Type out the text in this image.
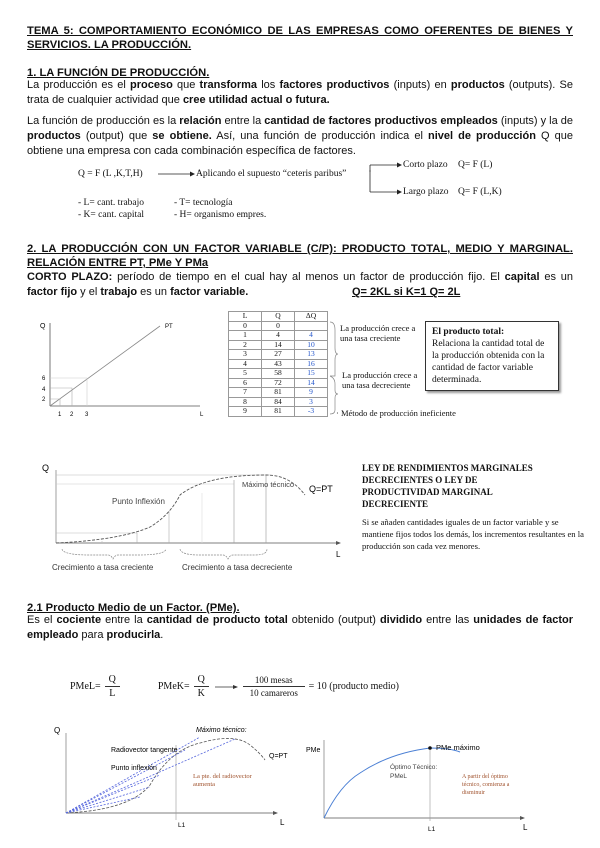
TEMA 5: COMPORTAMIENTO ECONÓMICO DE LAS EMPRESAS COMO OFERENTES DE BIENES Y SERVICIOS. LA PRODUCCIÓN.
1. LA FUNCIÓN DE PRODUCCIÓN.
La producción es el proceso que transforma los factores productivos (inputs) en productos (outputs). Se trata de cualquier actividad que cree utilidad actual o futura.
La función de producción es la relación entre la cantidad de factores productivos empleados (inputs) y la de productos (output) que se obtiene. Así, una función de producción indica el nivel de producción Q que obtiene una empresa con cada combinación específica de factores.
Q = F (L ,K,T,H)	Aplicando el supuesto “ceteris paribus”
Corto plazo Q= F (L)
Largo plazo Q= F (L,K)
- L= cant. trabajo
- K= cant. capital
- T= tecnología
- H= organismo empres.
2. LA PRODUCCIÓN CON UN FACTOR VARIABLE (C/P): PRODUCTO TOTAL, MEDIO Y MARGINAL. RELACIÓN ENTRE PT, PMe Y PMa
CORTO PLAZO: período de tiempo en el cual hay al menos un factor de producción fijo. El capital es un factor fijo y el trabajo es un factor variable.	Q= 2KL si K=1 Q= 2L
Q
L
PT
2
4
6
1 2 3
L	Q	ΔQ
0	0	
1	4	4
2	14	10
3	27	13
4	43	16
5	58	15
6	72	14
7	81	9
8	84	3
9	81	-3
La producción crece a una tasa creciente
La producción crece a una tasa decreciente
· Método de producción ineficiente
El producto total:
Relaciona la cantidad total de la producción obtenida con la cantidad de factor variable determinada.
Q
L
Q=PT
Máximo técnico
Punto Inflexión
Crecimiento a tasa creciente	Crecimiento a tasa decreciente
LEY DE RENDIMIENTOS MARGINALES DECRECIENTES O LEY DE PRODUCTIVIDAD MARGINAL DECRECIENTE
Si se añaden cantidades iguales de un factor variable y se mantiene fijos todos los demás, los incrementos resultantes en la producción son cada vez menores.
2.1 Producto Medio de un Factor. (PMe).
Es el cociente entre la cantidad de producto total obtenido (output) dividido entre las unidades de factor empleado para producirla.
PMeL= $\frac{Q}{L}$	PMeK= $\frac{Q}{K}$	$\frac{\text{100 mesas}}{\text{10 camareros}} = 10$ (producto medio)
Q
L
L1
Máximo técnico:
Radiovector tangente
Punto inflexión
Q=PT
La pte. del radiovector aumenta
PMe
L
L1
PMe máximo
Óptimo Técnico: PMeL	A partir del óptimo técnico, comienza a disminuir
